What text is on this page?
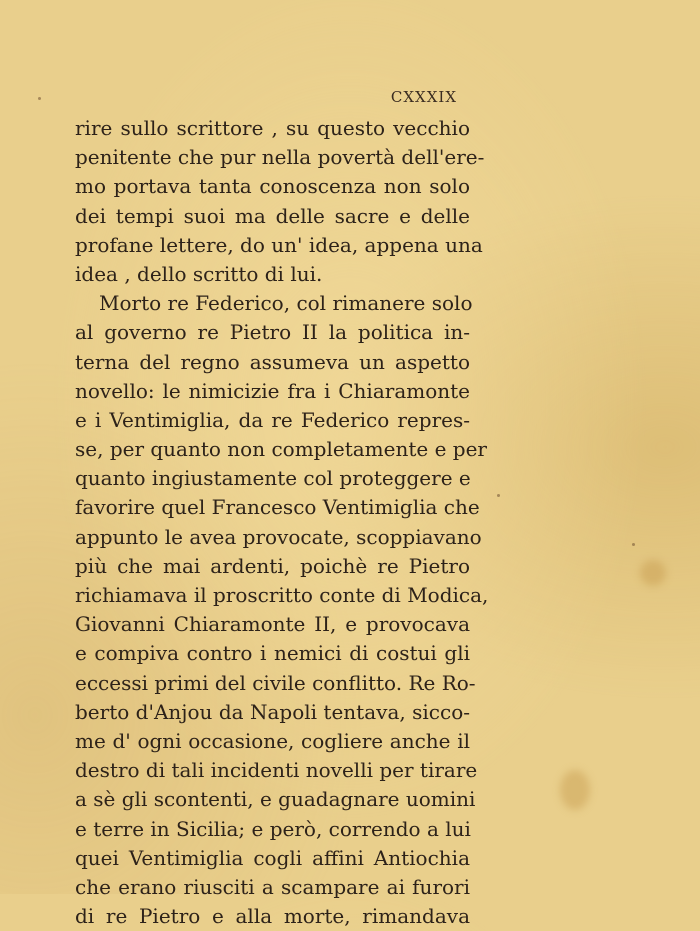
CXXXIX
rire sullo scrittore , su questo vecchio
penitente che pur nella povertà dell'ere-
mo portava tanta conoscenza non solo
dei tempi suoi ma delle sacre e delle
profane lettere, do un' idea, appena una
idea , dello scritto di lui.
Morto re Federico, col rimanere solo
al governo re Pietro II la politica in-
terna del regno assumeva un aspetto
novello: le nimicizie fra i Chiaramonte
e i Ventimiglia, da re Federico repres-
se, per quanto non completamente e per
quanto ingiustamente col proteggere e
favorire quel Francesco Ventimiglia che
appunto le avea provocate, scoppiavano
più che mai ardenti, poichè re Pietro
richiamava il proscritto conte di Modica,
Giovanni Chiaramonte II, e provocava
e compiva contro i nemici di costui gli
eccessi primi del civile conflitto. Re Ro-
berto d'Anjou da Napoli tentava, sicco-
me d' ogni occasione, cogliere anche il
destro di tali incidenti novelli per tirare
a sè gli scontenti, e guadagnare uomini
e terre in Sicilia; e però, correndo a lui
quei Ventimiglia cogli affini Antiochia
che erano riusciti a scampare ai furori
di re Pietro e alla morte, rimandava
